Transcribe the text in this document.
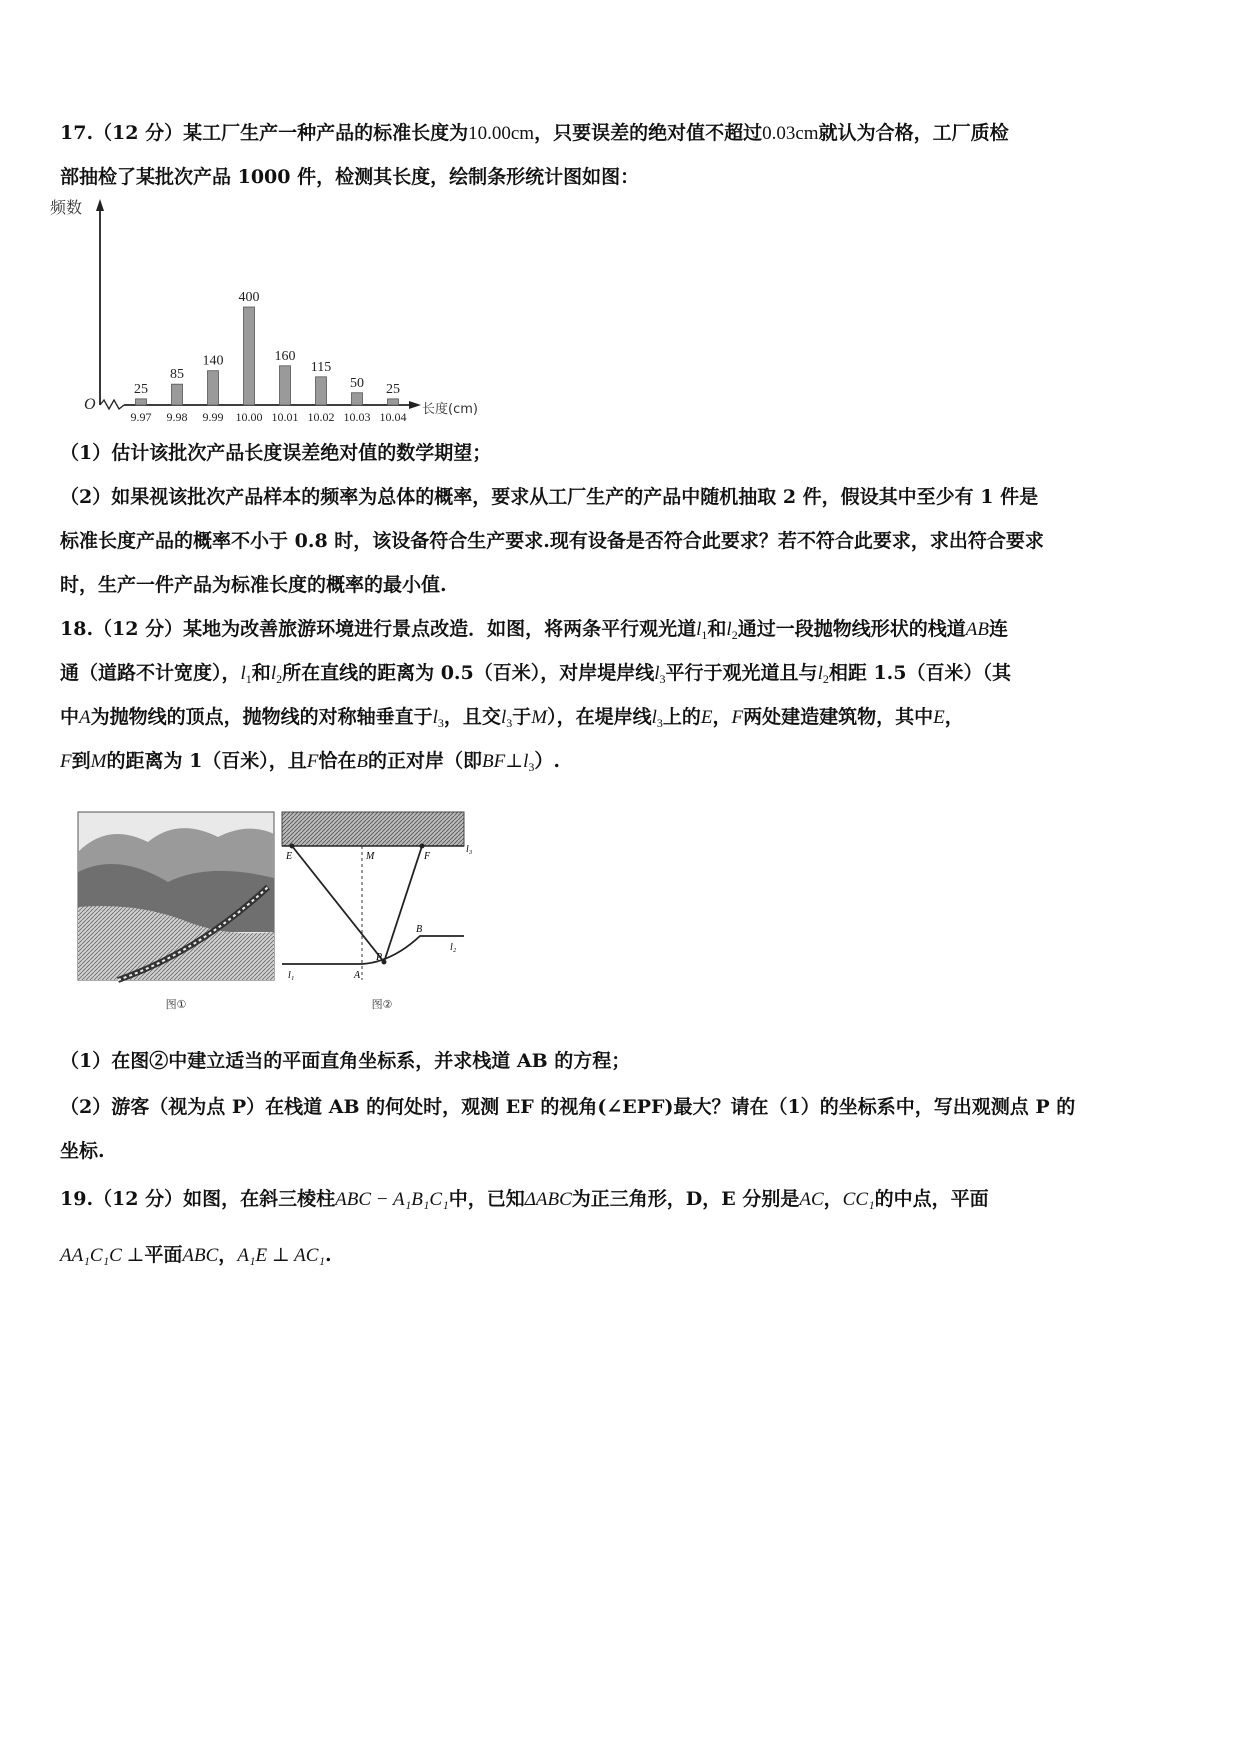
17.（12 分）某工厂生产一种产品的标准长度为10.00cm，只要误差的绝对值不超过0.03cm就认为合格，工厂质检
部抽检了某批次产品 1000 件，检测其长度，绘制条形统计图如图：
频数
O	长度(cm)
25
9.97
85
9.98
140
9.99
400
10.00
160
10.01
115
10.02
50
10.03
25
10.04
（1）估计该批次产品长度误差绝对值的数学期望；
（2）如果视该批次产品样本的频率为总体的概率，要求从工厂生产的产品中随机抽取 2 件，假设其中至少有 1 件是
标准长度产品的概率不小于 0.8 时，该设备符合生产要求.现有设备是否符合此要求？若不符合此要求，求出符合要求
时，生产一件产品为标准长度的概率的最小值.
18.（12 分）某地为改善旅游环境进行景点改造．如图，将两条平行观光道$l_1$和$l_2$通过一段抛物线形状的栈道AB连
通（道路不计宽度），$l_1$和$l_2$所在直线的距离为 0.5（百米），对岸堤岸线$l_3$平行于观光道且与$l_2$相距 1.5（百米）（其
中A为抛物线的顶点，抛物线的对称轴垂直于$l_3$，且交$l_3$于M），在堤岸线$l_3$上的E，F两处建造建筑物，其中E，
F到M的距离为 1（百米），且F恰在B的正对岸（即$BF\perp l_3$）.
图①
E	M	F
l₃
B
l₂
P
A
l₁
图②
（1）在图②中建立适当的平面直角坐标系，并求栈道 AB 的方程；
（2）游客（视为点 P）在栈道 AB 的何处时，观测 EF 的视角(∠EPF)最大？请在（1）的坐标系中，写出观测点 P 的
坐标.
19.（12 分）如图，在斜三棱柱ABC − A₁B₁C₁中，已知ΔABC为正三角形，D，E 分别是AC，CC₁的中点，平面
AA₁C₁C ⊥平面ABC，A₁E ⊥ AC₁.
